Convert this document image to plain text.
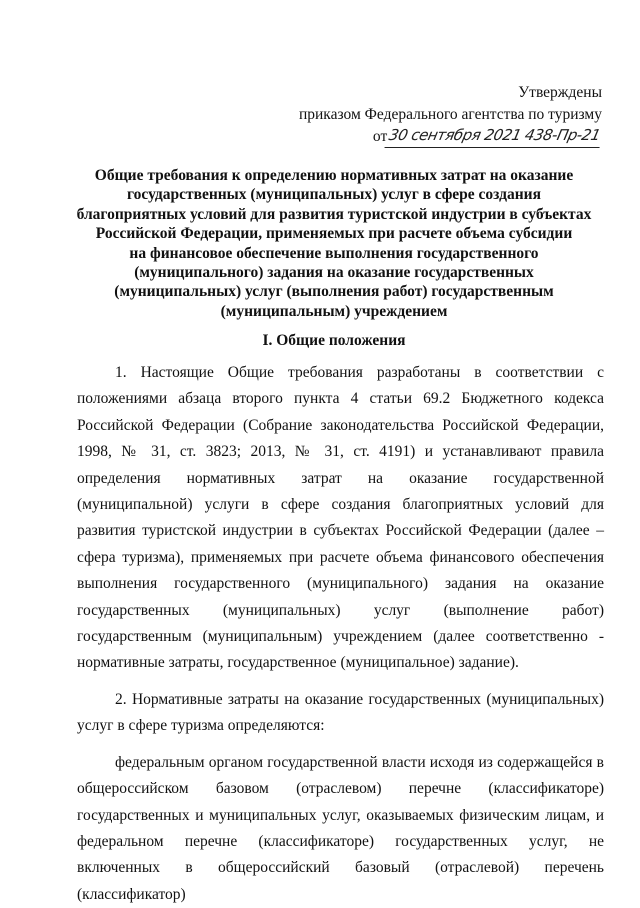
Утверждены
приказом Федерального агентства по туризму
от 30 сентября 2021 438-Пр-21
Общие требования к определению нормативных затрат на оказание
государственных (муниципальных) услуг в сфере создания
благоприятных условий для развития туристской индустрии в субъектах
Российской Федерации, применяемых при расчете объема субсидии
на финансовое обеспечение выполнения государственного
(муниципального) задания на оказание государственных
(муниципальных) услуг (выполнения работ) государственным
(муниципальным) учреждением
I. Общие положения

1. Настоящие Общие требования разработаны в соответствии с положениями абзаца второго пункта 4 статьи 69.2 Бюджетного кодекса Российской Федерации (Собрание законодательства Российской Федерации, 1998, № 31, ст. 3823; 2013, № 31, ст. 4191) и устанавливают правила определения нормативных затрат на оказание государственной (муниципальной) услуги в сфере создания благоприятных условий для развития туристской индустрии в субъектах Российской Федерации (далее – сфера туризма), применяемых при расчете объема финансового обеспечения выполнения государственного (муниципального) задания на оказание государственных (муниципальных) услуг (выполнение работ) государственным (муниципальным) учреждением (далее соответственно - нормативные затраты, государственное (муниципальное) задание).

2. Нормативные затраты на оказание государственных (муниципальных) услуг в сфере туризма определяются:

федеральным органом государственной власти исходя из содержащейся в общероссийском базовом (отраслевом) перечне (классификаторе) государственных и муниципальных услуг, оказываемых физическим лицам, и федеральном перечне (классификаторе) государственных услуг, не включенных в общероссийский базовый (отраслевой) перечень (классификатор)
